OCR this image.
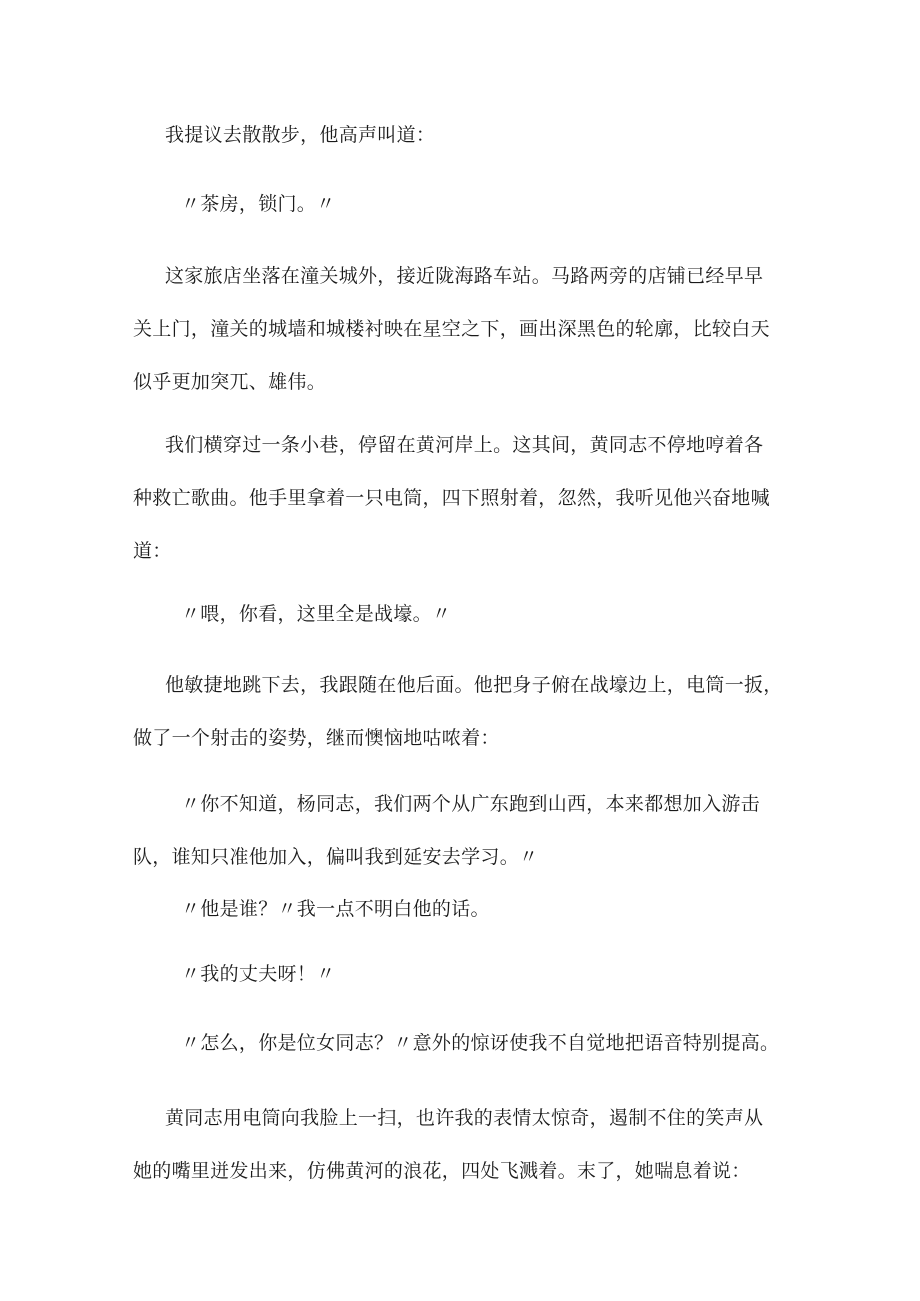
我提议去散散步，他高声叫道：

〃茶房，锁门。〃

这家旅店坐落在潼关城外，接近陇海路车站。马路两旁的店铺已经早早
关上门，潼关的城墙和城楼衬映在星空之下，画出深黑色的轮廓，比较白天
似乎更加突兀、雄伟。

我们横穿过一条小巷，停留在黄河岸上。这其间，黄同志不停地哼着各
种救亡歌曲。他手里拿着一只电筒，四下照射着，忽然，我听见他兴奋地喊
道：

〃喂，你看，这里全是战壕。〃

他敏捷地跳下去，我跟随在他后面。他把身子俯在战壕边上，电筒一扳，
做了一个射击的姿势，继而懊恼地咕哝着：

〃你不知道，杨同志，我们两个从广东跑到山西，本来都想加入游击
队，谁知只准他加入，偏叫我到延安去学习。〃

〃他是谁？〃我一点不明白他的话。

〃我的丈夫呀！〃

〃怎么，你是位女同志？〃意外的惊讶使我不自觉地把语音特别提高。

黄同志用电筒向我脸上一扫，也许我的表情太惊奇，遏制不住的笑声从
她的嘴里迸发出来，仿佛黄河的浪花，四处飞溅着。末了，她喘息着说：
